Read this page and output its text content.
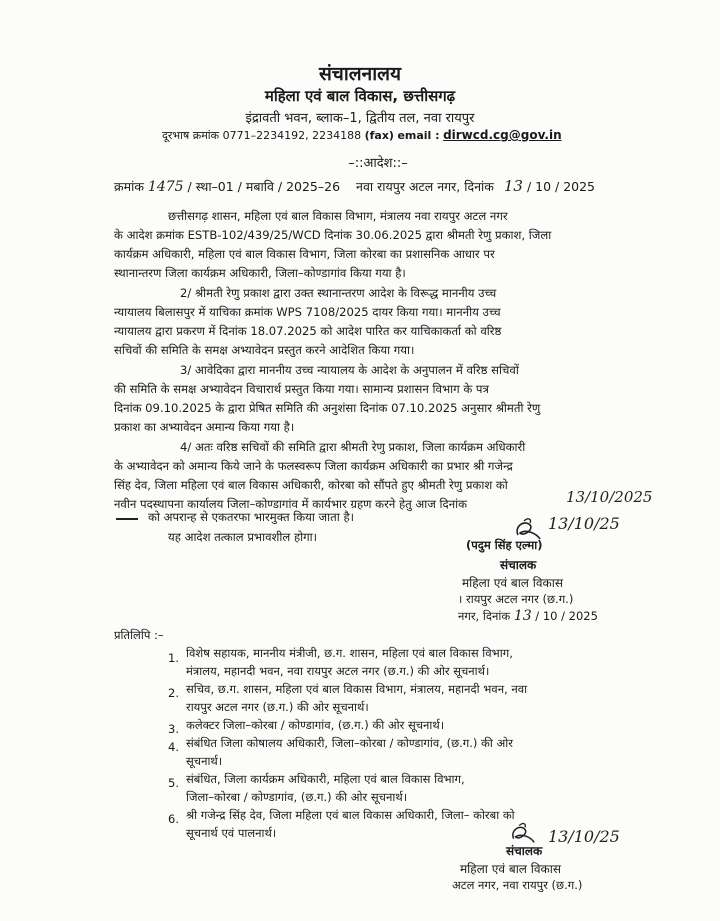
संचालनालय
महिला एवं बाल विकास, छत्तीसगढ़
इंद्रावती भवन, ब्लाक–1, द्वितीय तल, नवा रायपुर
दूरभाष क्रमांक 0771–2234192, 2234188 (fax) email : dirwcd.cg@gov.in
–::आदेश::–
क्रमांक 1475 / स्था–01 / मबावि / 2025–26 नवा रायपुर अटल नगर, दिनांक 13 / 10 / 2025
छत्तीसगढ़ शासन, महिला एवं बाल विकास विभाग, मंत्रालय नवा रायपुर अटल नगर
के आदेश क्रमांक ESTB-102/439/25/WCD दिनांक 30.06.2025 द्वारा श्रीमती रेणु प्रकाश, जिला
कार्यक्रम अधिकारी, महिला एवं बाल विकास विभाग, जिला कोरबा का प्रशासनिक आधार पर
स्थानान्तरण जिला कार्यक्रम अधिकारी, जिला–कोण्डागांव किया गया है।
2/ श्रीमती रेणु प्रकाश द्वारा उक्त स्थानान्तरण आदेश के विरूद्ध माननीय उच्च
न्यायालय बिलासपुर में याचिका क्रमांक WPS 7108/2025 दायर किया गया। माननीय उच्च
न्यायालय द्वारा प्रकरण में दिनांक 18.07.2025 को आदेश पारित कर याचिकाकर्ता को वरिष्ठ
सचिवों की समिति के समक्ष अभ्यावेदन प्रस्तुत करने आदेशित किया गया।
3/ आवेदिका द्वारा माननीय उच्च न्यायालय के आदेश के अनुपालन में वरिष्ठ सचिवों
की समिति के समक्ष अभ्यावेदन विचारार्थ प्रस्तुत किया गया। सामान्य प्रशासन विभाग के पत्र
दिनांक 09.10.2025 के द्वारा प्रेषित समिति की अनुशंसा दिनांक 07.10.2025 अनुसार श्रीमती रेणु
प्रकाश का अभ्यावेदन अमान्य किया गया है।
4/ अतः वरिष्ठ सचिवों की समिति द्वारा श्रीमती रेणु प्रकाश, जिला कार्यक्रम अधिकारी
के अभ्यावेदन को अमान्य किये जाने के फलस्वरूप जिला कार्यक्रम अधिकारी का प्रभार श्री गजेन्द्र
सिंह देव, जिला महिला एवं बाल विकास अधिकारी, कोरबा को सौंपते हुए श्रीमती रेणु प्रकाश को
नवीन पदस्थापना कार्यालय जिला–कोण्डागांव में कार्यभार ग्रहण करने हेतु आज दिनांक	13/10/2025
को अपरान्ह से एकतरफा भारमुक्त किया जाता है।
यह आदेश तत्काल प्रभावशील होगा।
13/10/25
(पदुम सिंह एल्मा)
संचालक
महिला एवं बाल विकास
। रायपुर अटल नगर (छ.ग.)
नगर, दिनांक 13 / 10 / 2025
प्रतिलिपि :–
1. विशेष सहायक, माननीय मंत्रीजी, छ.ग. शासन, महिला एवं बाल विकास विभाग,
मंत्रालय, महानदी भवन, नवा रायपुर अटल नगर (छ.ग.) की ओर सूचनार्थ।
2. सचिव, छ.ग. शासन, महिला एवं बाल विकास विभाग, मंत्रालय, महानदी भवन, नवा
रायपुर अटल नगर (छ.ग.) की ओर सूचनार्थ।
3. कलेक्टर जिला–कोरबा / कोण्डागांव, (छ.ग.) की ओर सूचनार्थ।
4. संबंधित जिला कोषालय अधिकारी, जिला–कोरबा / कोण्डागांव, (छ.ग.) की ओर
सूचनार्थ।
5. संबंधित, जिला कार्यक्रम अधिकारी, महिला एवं बाल विकास विभाग,
जिला–कोरबा / कोण्डागांव, (छ.ग.) की ओर सूचनार्थ।
6. श्री गजेन्द्र सिंह देव, जिला महिला एवं बाल विकास अधिकारी, जिला– कोरबा को
सूचनार्थ एवं पालनार्थ।	13/10/25
संचालक
महिला एवं बाल विकास
अटल नगर, नवा रायपुर (छ.ग.)
